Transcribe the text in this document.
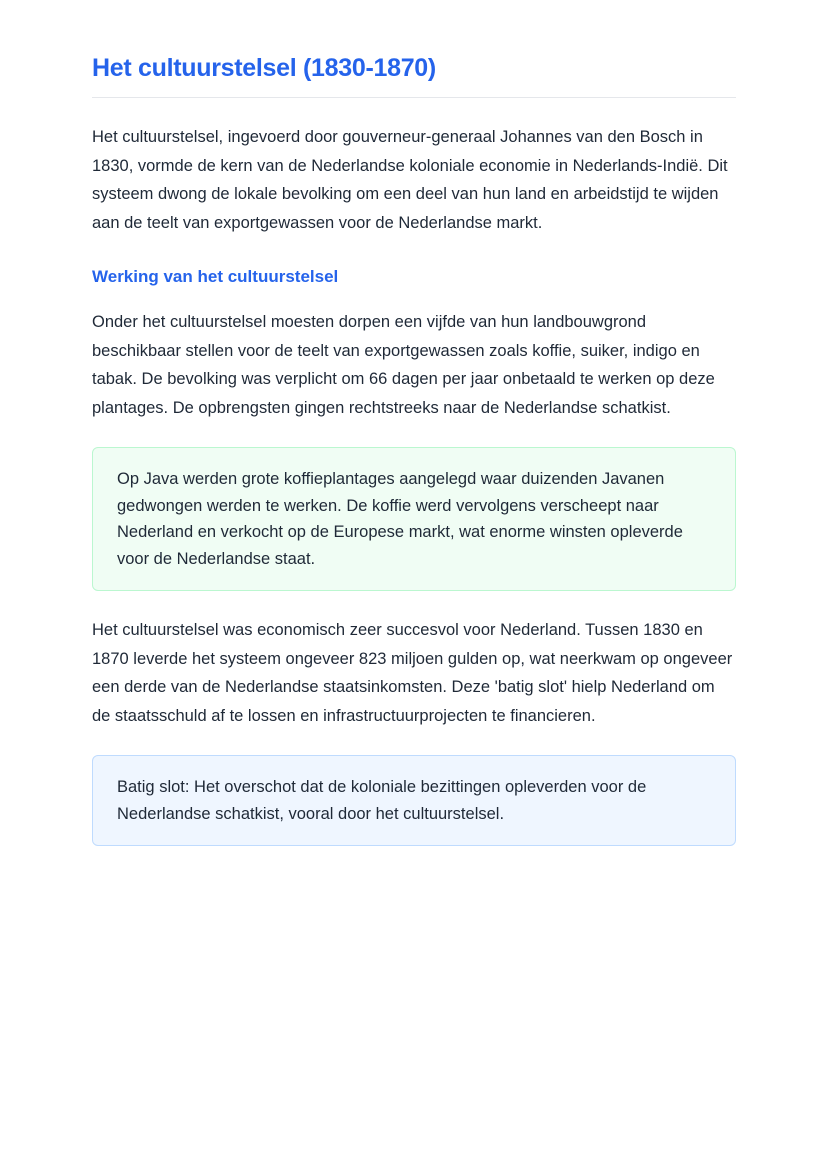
Het cultuurstelsel (1830-1870)

Het cultuurstelsel, ingevoerd door gouverneur-generaal Johannes van den Bosch in 1830, vormde de kern van de Nederlandse koloniale economie in Nederlands-Indië. Dit systeem dwong de lokale bevolking om een deel van hun land en arbeidstijd te wijden aan de teelt van exportgewassen voor de Nederlandse markt.

Werking van het cultuurstelsel

Onder het cultuurstelsel moesten dorpen een vijfde van hun landbouwgrond beschikbaar stellen voor de teelt van exportgewassen zoals koffie, suiker, indigo en tabak. De bevolking was verplicht om 66 dagen per jaar onbetaald te werken op deze plantages. De opbrengsten gingen rechtstreeks naar de Nederlandse schatkist.

Op Java werden grote koffieplantages aangelegd waar duizenden Javanen gedwongen werden te werken. De koffie werd vervolgens verscheept naar Nederland en verkocht op de Europese markt, wat enorme winsten opleverde voor de Nederlandse staat.

Het cultuurstelsel was economisch zeer succesvol voor Nederland. Tussen 1830 en 1870 leverde het systeem ongeveer 823 miljoen gulden op, wat neerkwam op ongeveer een derde van de Nederlandse staatsinkomsten. Deze 'batig slot' hielp Nederland om de staatsschuld af te lossen en infrastructuurprojecten te financieren.

Batig slot: Het overschot dat de koloniale bezittingen opleverden voor de Nederlandse schatkist, vooral door het cultuurstelsel.
